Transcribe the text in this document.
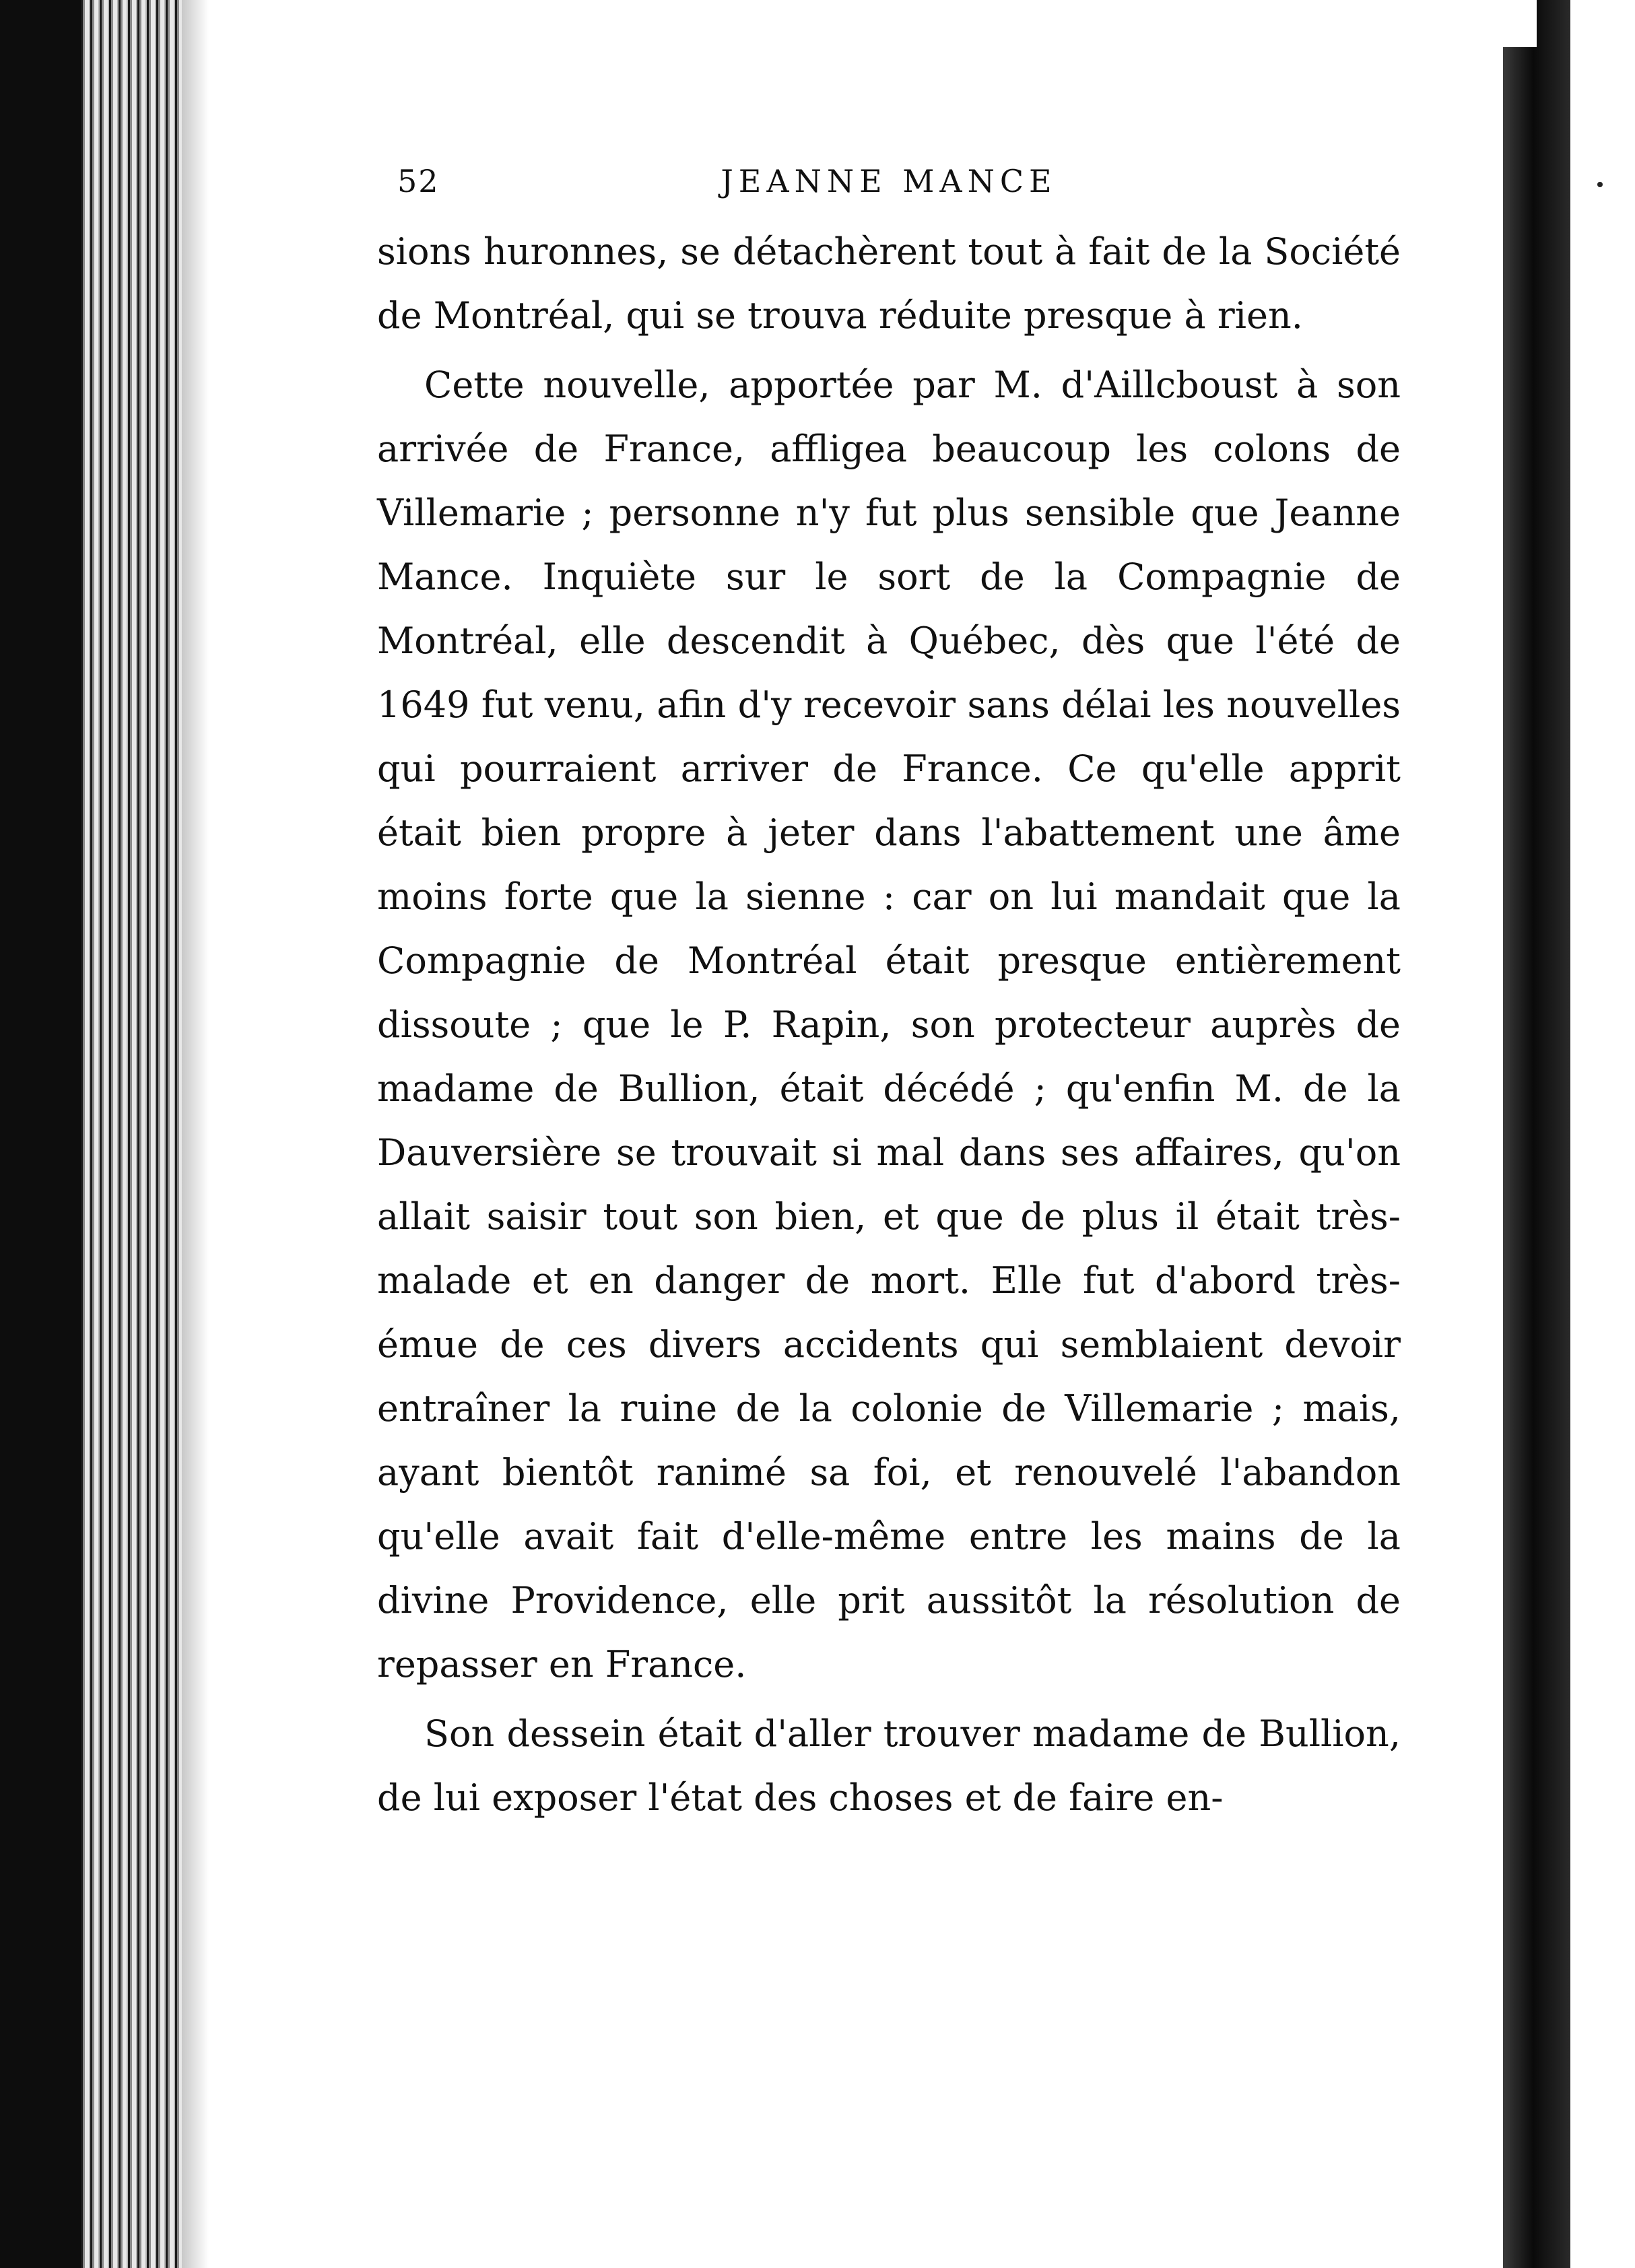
52	JEANNE MANCE

sions huronnes, se détachèrent tout à fait de la Société de Montréal, qui se trouva réduite presque à rien.

Cette nouvelle, apportée par M. d'Aillcboust à son arrivée de France, affligea beaucoup les colons de Villemarie ; personne n'y fut plus sensible que Jeanne Mance. Inquiète sur le sort de la Compagnie de Montréal, elle descendit à Québec, dès que l'été de 1649 fut venu, afin d'y recevoir sans délai les nouvelles qui pourraient arriver de France. Ce qu'elle apprit était bien propre à jeter dans l'abattement une âme moins forte que la sienne : car on lui mandait que la Compagnie de Montréal était presque entièrement dissoute ; que le P. Rapin, son protecteur auprès de madame de Bullion, était décédé ; qu'enfin M. de la Dauversière se trouvait si mal dans ses affaires, qu'on allait saisir tout son bien, et que de plus il était très-malade et en danger de mort. Elle fut d'abord très-émue de ces divers accidents qui semblaient devoir entraîner la ruine de la colonie de Villemarie ; mais, ayant bientôt ranimé sa foi, et renouvelé l'abandon qu'elle avait fait d'elle-même entre les mains de la divine Providence, elle prit aussitôt la résolution de repasser en France.

Son dessein était d'aller trouver madame de Bullion, de lui exposer l'état des choses et de faire en-
